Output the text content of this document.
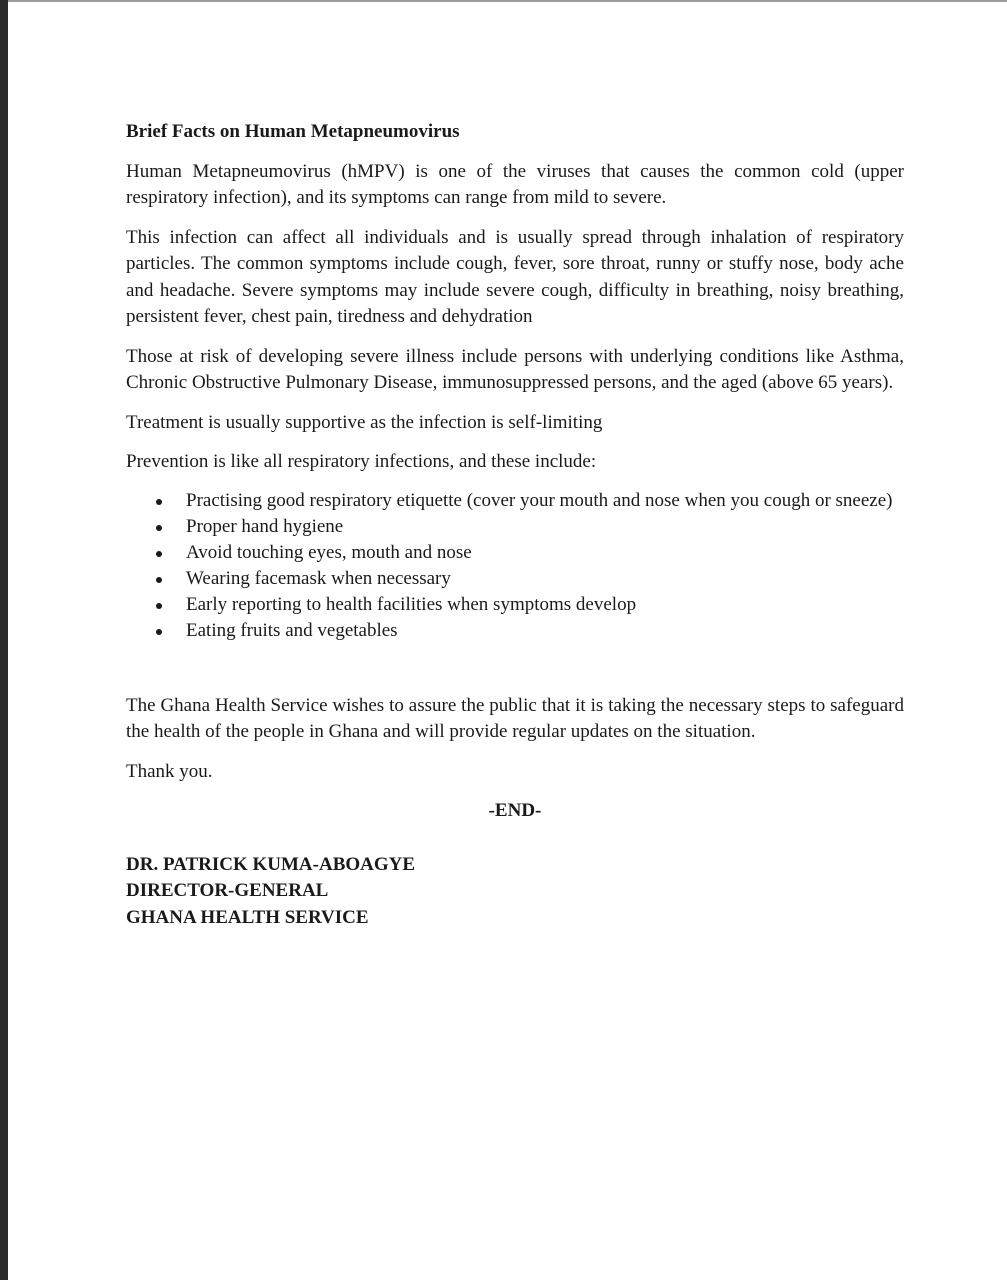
Brief Facts on Human Metapneumovirus

Human Metapneumovirus (hMPV) is one of the viruses that causes the common cold (upper respiratory infection), and its symptoms can range from mild to severe.

This infection can affect all individuals and is usually spread through inhalation of respiratory particles. The common symptoms include cough, fever, sore throat, runny or stuffy nose, body ache and headache. Severe symptoms may include severe cough, difficulty in breathing, noisy breathing, persistent fever, chest pain, tiredness and dehydration

Those at risk of developing severe illness include persons with underlying conditions like Asthma, Chronic Obstructive Pulmonary Disease, immunosuppressed persons, and the aged (above 65 years).

Treatment is usually supportive as the infection is self-limiting

Prevention is like all respiratory infections, and these include:

Practising good respiratory etiquette (cover your mouth and nose when you cough or sneeze)
Proper hand hygiene
Avoid touching eyes, mouth and nose
Wearing facemask when necessary
Early reporting to health facilities when symptoms develop
Eating fruits and vegetables

The Ghana Health Service wishes to assure the public that it is taking the necessary steps to safeguard the health of the people in Ghana and will provide regular updates on the situation.

Thank you.

-END-

DR. PATRICK KUMA-ABOAGYE
DIRECTOR-GENERAL
GHANA HEALTH SERVICE
